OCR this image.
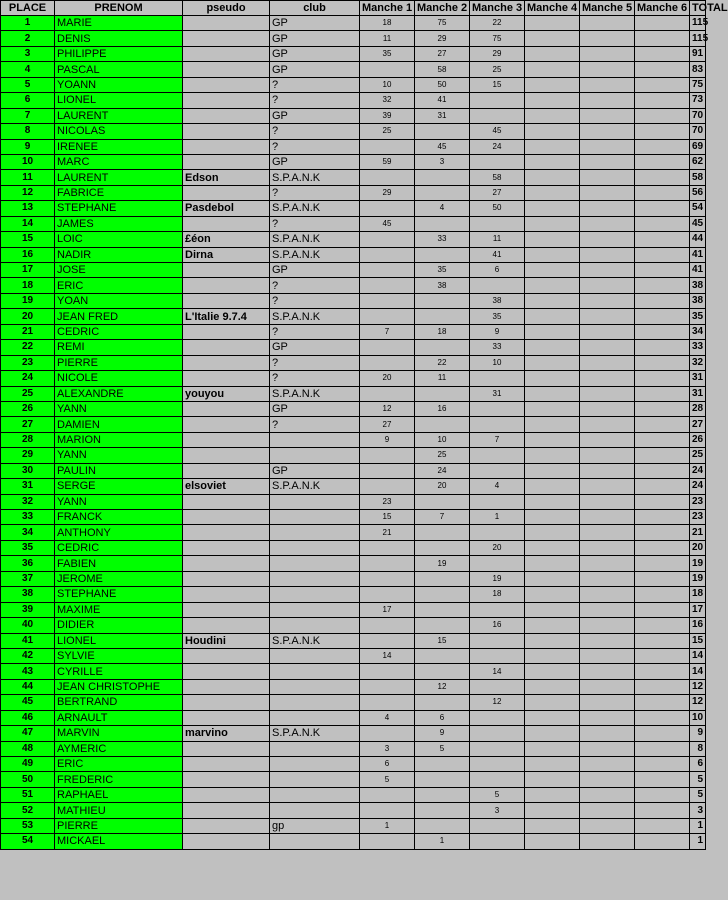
PLACE	PRENOM	pseudo	club	Manche 1	Manche 2	Manche 3	Manche 4	Manche 5	Manche 6	TOTAL
1	MARIE		GP	18	75	22				115
2	DENIS		GP	11	29	75				115
3	PHILIPPE		GP	35	27	29				91
4	PASCAL		GP		58	25				83
5	YOANN		?	10	50	15				75
6	LIONEL		?	32	41					73
7	LAURENT		GP	39	31					70
8	NICOLAS		?	25		45				70
9	IRENEE		?		45	24				69
10	MARC		GP	59	3					62
11	LAURENT	Edson	S.P.A.N.K			58				58
12	FABRICE		?	29		27				56
13	STEPHANE	Pasdebol	S.P.A.N.K		4	50				54
14	JAMES		?	45						45
15	LOIC	£éon	S.P.A.N.K		33	11				44
16	NADIR	Dirna	S.P.A.N.K			41				41
17	JOSE		GP		35	6				41
18	ERIC		?		38					38
19	YOAN		?			38				38
20	JEAN FRED	L'Italie 9.7.4	S.P.A.N.K			35				35
21	CEDRIC		?	7	18	9				34
22	REMI		GP			33				33
23	PIERRE		?		22	10				32
24	NICOLE		?	20	11					31
25	ALEXANDRE	youyou	S.P.A.N.K			31				31
26	YANN		GP	12	16					28
27	DAMIEN		?	27						27
28	MARION			9	10	7				26
29	YANN				25					25
30	PAULIN		GP		24					24
31	SERGE	elsoviet	S.P.A.N.K		20	4				24
32	YANN			23						23
33	FRANCK			15	7	1				23
34	ANTHONY			21						21
35	CEDRIC					20				20
36	FABIEN				19					19
37	JEROME					19				19
38	STEPHANE					18				18
39	MAXIME			17						17
40	DIDIER					16				16
41	LIONEL	Houdini	S.P.A.N.K		15					15
42	SYLVIE			14						14
43	CYRILLE					14				14
44	JEAN CHRISTOPHE				12					12
45	BERTRAND					12				12
46	ARNAULT			4	6					10
47	MARVIN	marvino	S.P.A.N.K		9					9
48	AYMERIC			3	5					8
49	ERIC			6						6
50	FREDERIC			5						5
51	RAPHAEL					5				5
52	MATHIEU					3				3
53	PIERRE		gp	1						1
54	MICKAEL				1					1
